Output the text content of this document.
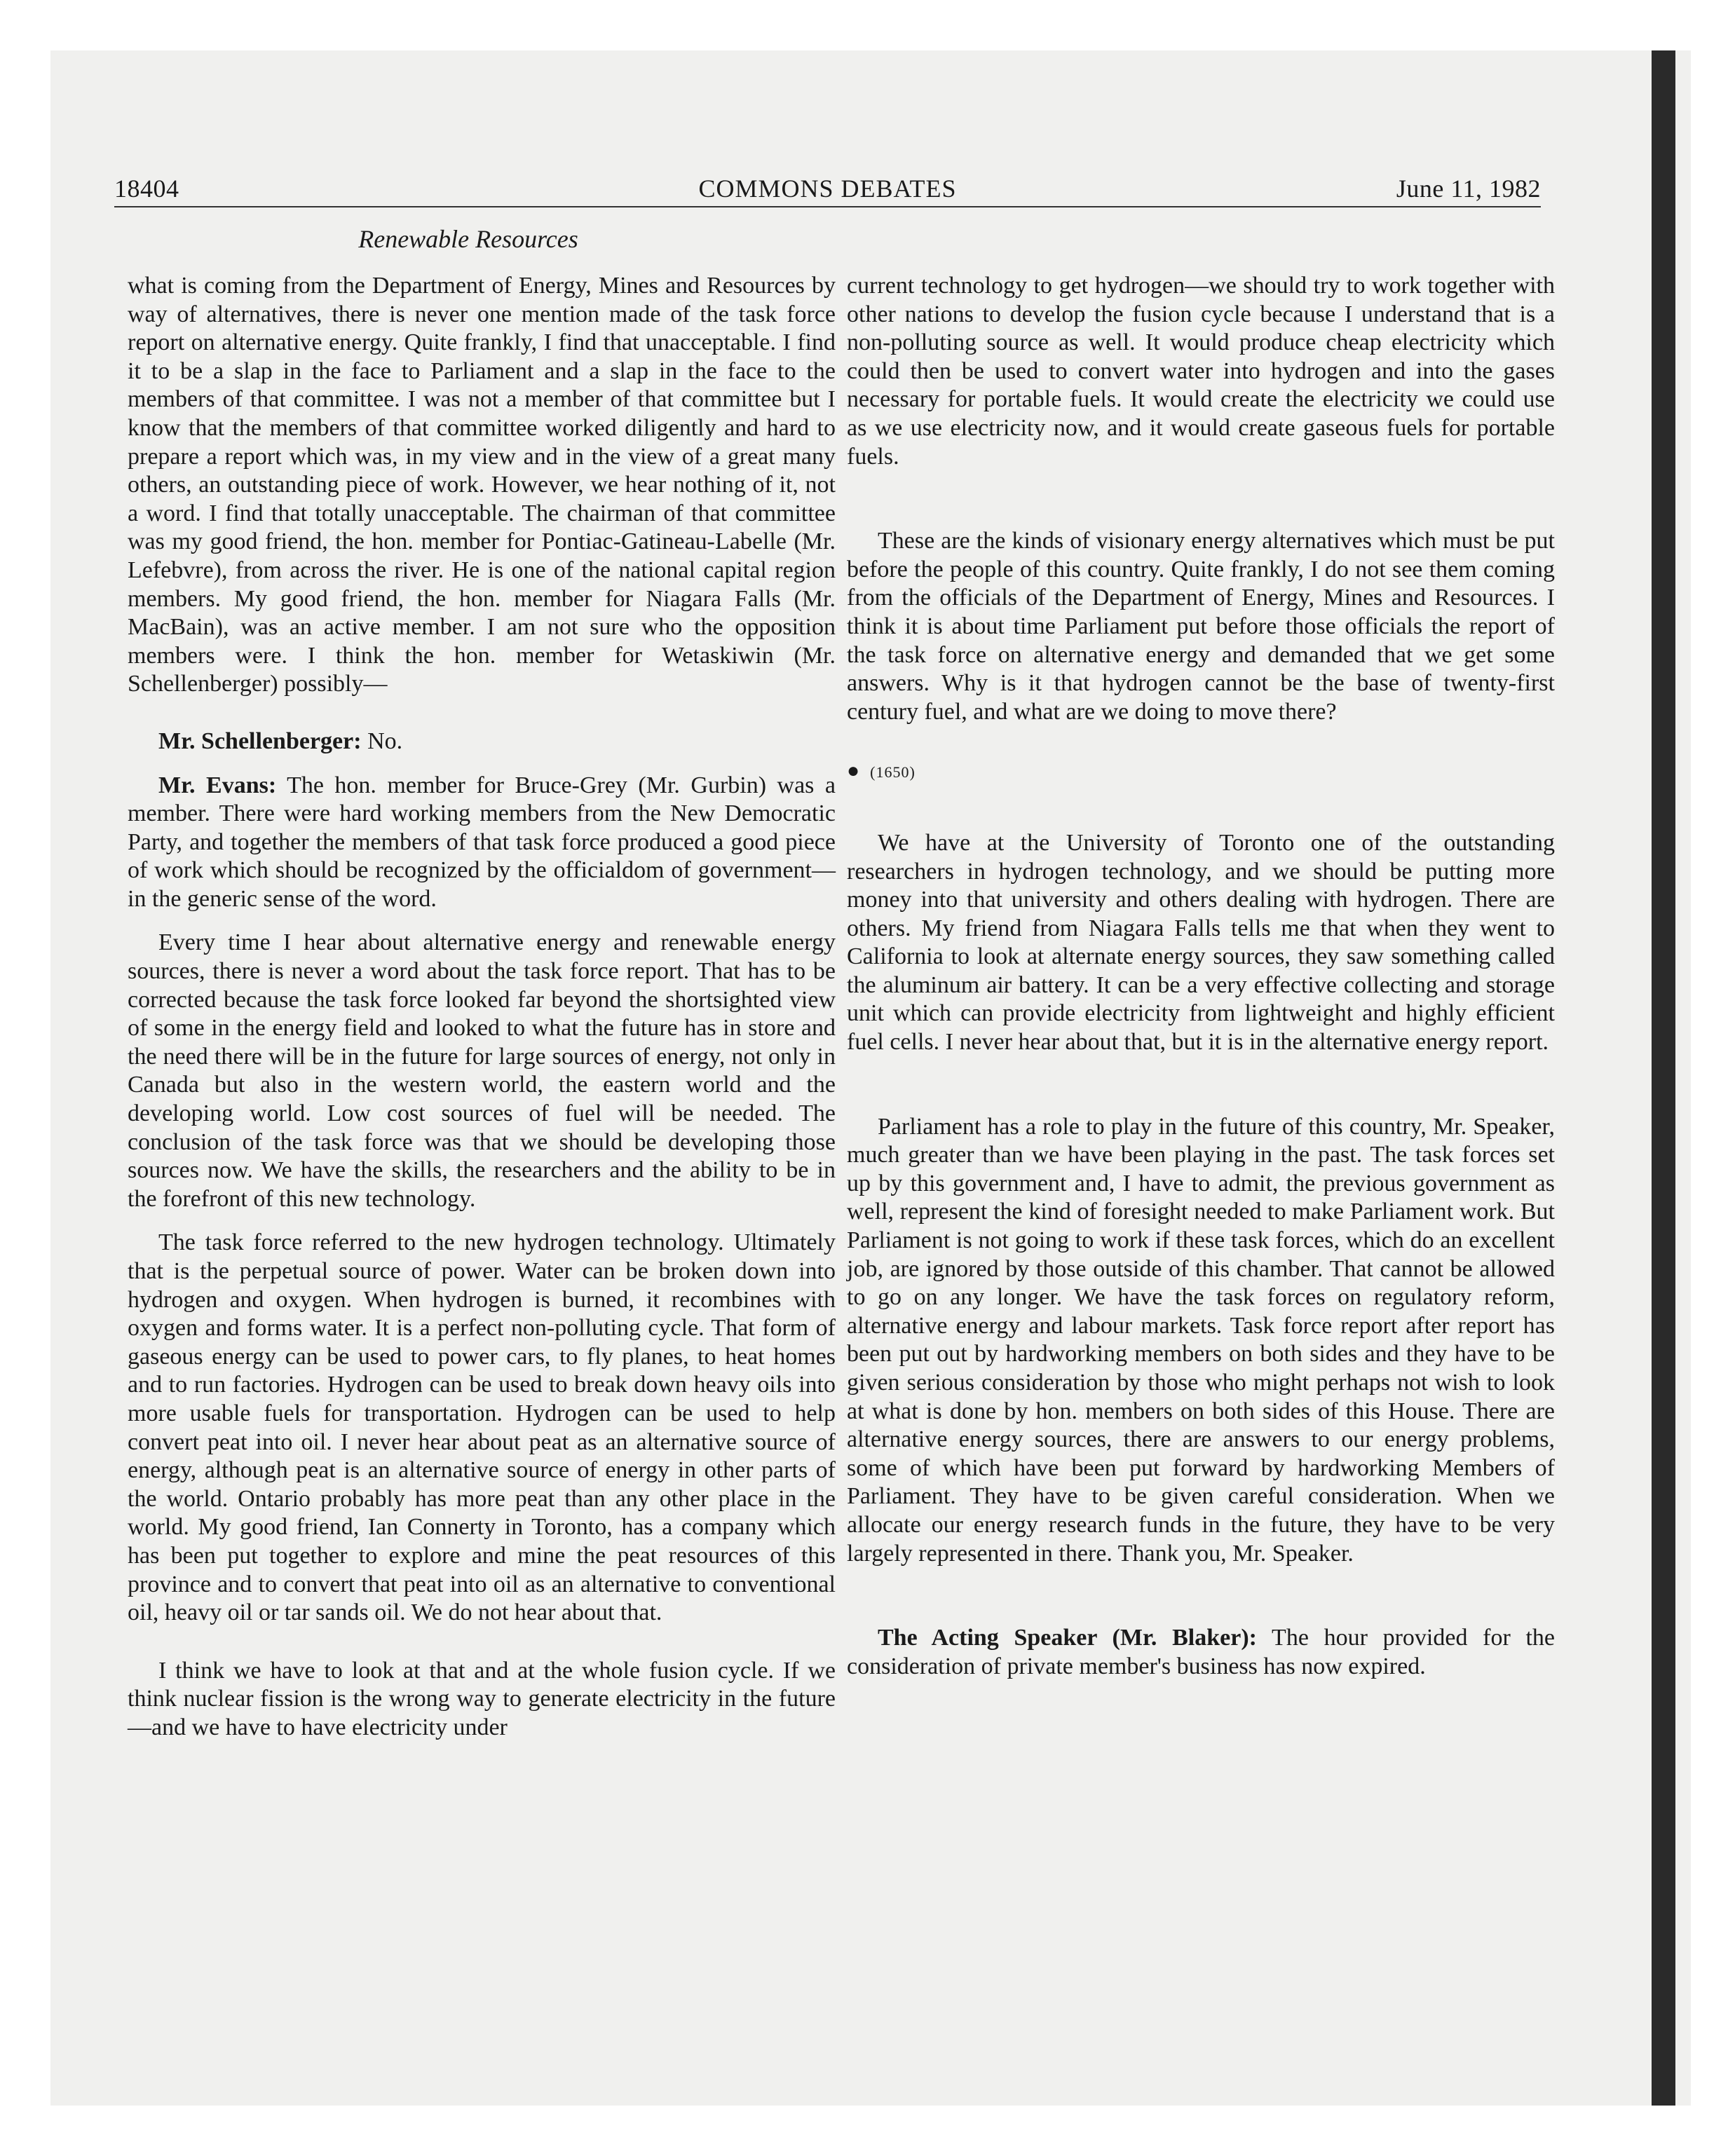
18404	COMMONS DEBATES	June 11, 1982
Renewable Resources

what is coming from the Department of Energy, Mines and Resources by way of alternatives, there is never one mention made of the task force report on alternative energy. Quite frankly, I find that unacceptable. I find it to be a slap in the face to Parliament and a slap in the face to the members of that committee. I was not a member of that committee but I know that the members of that committee worked diligently and hard to prepare a report which was, in my view and in the view of a great many others, an outstanding piece of work. However, we hear nothing of it, not a word. I find that totally unacceptable. The chairman of that committee was my good friend, the hon. member for Pontiac-Gatineau-Labelle (Mr. Lefebvre), from across the river. He is one of the national capital region members. My good friend, the hon. member for Niagara Falls (Mr. MacBain), was an active member. I am not sure who the opposition members were. I think the hon. member for Wetaskiwin (Mr. Schellenberger) possibly—

Mr. Schellenberger: No.

Mr. Evans: The hon. member for Bruce-Grey (Mr. Gurbin) was a member. There were hard working members from the New Democratic Party, and together the members of that task force produced a good piece of work which should be recognized by the officialdom of government—in the generic sense of the word.

Every time I hear about alternative energy and renewable energy sources, there is never a word about the task force report. That has to be corrected because the task force looked far beyond the shortsighted view of some in the energy field and looked to what the future has in store and the need there will be in the future for large sources of energy, not only in Canada but also in the western world, the eastern world and the developing world. Low cost sources of fuel will be needed. The conclusion of the task force was that we should be developing those sources now. We have the skills, the researchers and the ability to be in the forefront of this new technology.

The task force referred to the new hydrogen technology. Ultimately that is the perpetual source of power. Water can be broken down into hydrogen and oxygen. When hydrogen is burned, it recombines with oxygen and forms water. It is a perfect non-polluting cycle. That form of gaseous energy can be used to power cars, to fly planes, to heat homes and to run factories. Hydrogen can be used to break down heavy oils into more usable fuels for transportation. Hydrogen can be used to help convert peat into oil. I never hear about peat as an alternative source of energy, although peat is an alternative source of energy in other parts of the world. Ontario probably has more peat than any other place in the world. My good friend, Ian Connerty in Toronto, has a company which has been put together to explore and mine the peat resources of this province and to convert that peat into oil as an alternative to conventional oil, heavy oil or tar sands oil. We do not hear about that.

I think we have to look at that and at the whole fusion cycle. If we think nuclear fission is the wrong way to generate electricity in the future—and we have to have electricity under

current technology to get hydrogen—we should try to work together with other nations to develop the fusion cycle because I understand that is a non-polluting source as well. It would produce cheap electricity which could then be used to convert water into hydrogen and into the gases necessary for portable fuels. It would create the electricity we could use as we use electricity now, and it would create gaseous fuels for portable fuels.

These are the kinds of visionary energy alternatives which must be put before the people of this country. Quite frankly, I do not see them coming from the officials of the Department of Energy, Mines and Resources. I think it is about time Parliament put before those officials the report of the task force on alternative energy and demanded that we get some answers. Why is it that hydrogen cannot be the base of twenty-first century fuel, and what are we doing to move there?

● (1650)

We have at the University of Toronto one of the outstanding researchers in hydrogen technology, and we should be putting more money into that university and others dealing with hydrogen. There are others. My friend from Niagara Falls tells me that when they went to California to look at alternate energy sources, they saw something called the aluminum air battery. It can be a very effective collecting and storage unit which can provide electricity from lightweight and highly efficient fuel cells. I never hear about that, but it is in the alternative energy report.

Parliament has a role to play in the future of this country, Mr. Speaker, much greater than we have been playing in the past. The task forces set up by this government and, I have to admit, the previous government as well, represent the kind of foresight needed to make Parliament work. But Parliament is not going to work if these task forces, which do an excellent job, are ignored by those outside of this chamber. That cannot be allowed to go on any longer. We have the task forces on regulatory reform, alternative energy and labour markets. Task force report after report has been put out by hardworking members on both sides and they have to be given serious consideration by those who might perhaps not wish to look at what is done by hon. members on both sides of this House. There are alternative energy sources, there are answers to our energy problems, some of which have been put forward by hardworking Members of Parliament. They have to be given careful consideration. When we allocate our energy research funds in the future, they have to be very largely represented in there. Thank you, Mr. Speaker.

The Acting Speaker (Mr. Blaker): The hour provided for the consideration of private member's business has now expired.
